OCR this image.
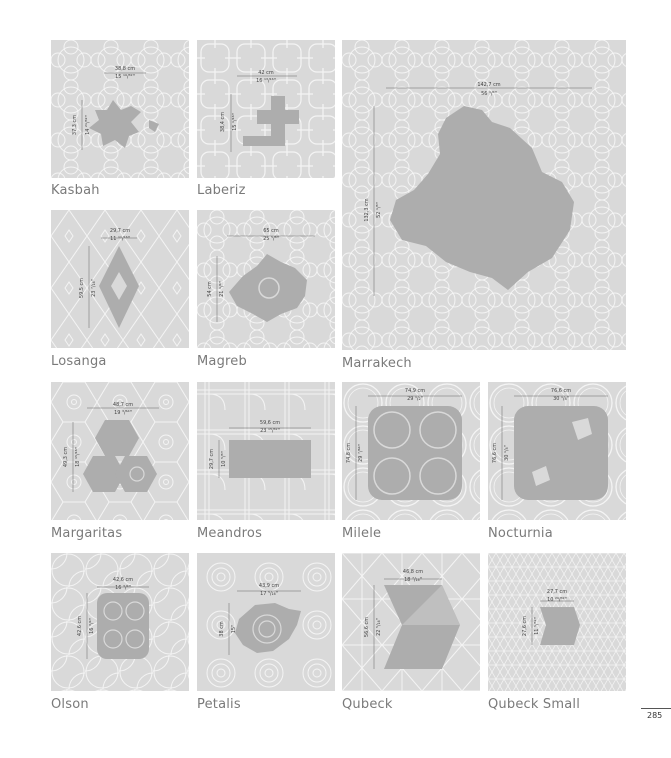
38,8 cm
15 ¹⁹/³²"
37,3 cm 14 ²¹/³²"
Kasbah
42 cm
16 ¹³/¹⁶"
38,4 cm 15 ¹/¹⁶"
Laberiz
142,7 cm
56 ¹/⁴"
132,3 cm 52 ¹/⁸"
Marrakech
29,7 cm
11 ¹¹/¹⁶"
59,5 cm 23 ⁷/₁₆"
Losanga
65 cm
25 ⁵/⁸"
54 cm 21 ¹/⁴"
Magreb
48,7 cm
19 ³/⁶⁴"
49,3 cm 18 ¹⁵/¹⁶"
Margaritas
59,6 cm
23 ¹⁵/³²"
29,7 cm 10 ⁵/⁸"
Meandros
74,9 cm
29 ¹/₂"
74,8 cm 29 ⁷/⁶⁴"
Milele
76,6 cm
30 ¹/₈"
76,6 cm 30 ¹/₈"
Nocturnia
42,6 cm
16 ³/⁴"
42,6 cm 16 ³/⁴"
Olson
43,9 cm
17 ⁵/₁₆"
38 cm 15"
Petalis
46,8 cm
18 ⁷/₁₆"
56,6 cm 22 ⁵/₁₆"
Qubeck
27,7 cm
10 ²⁹/³²"
27,6 cm 11 ⁵/³²"
Qubeck Small
285
